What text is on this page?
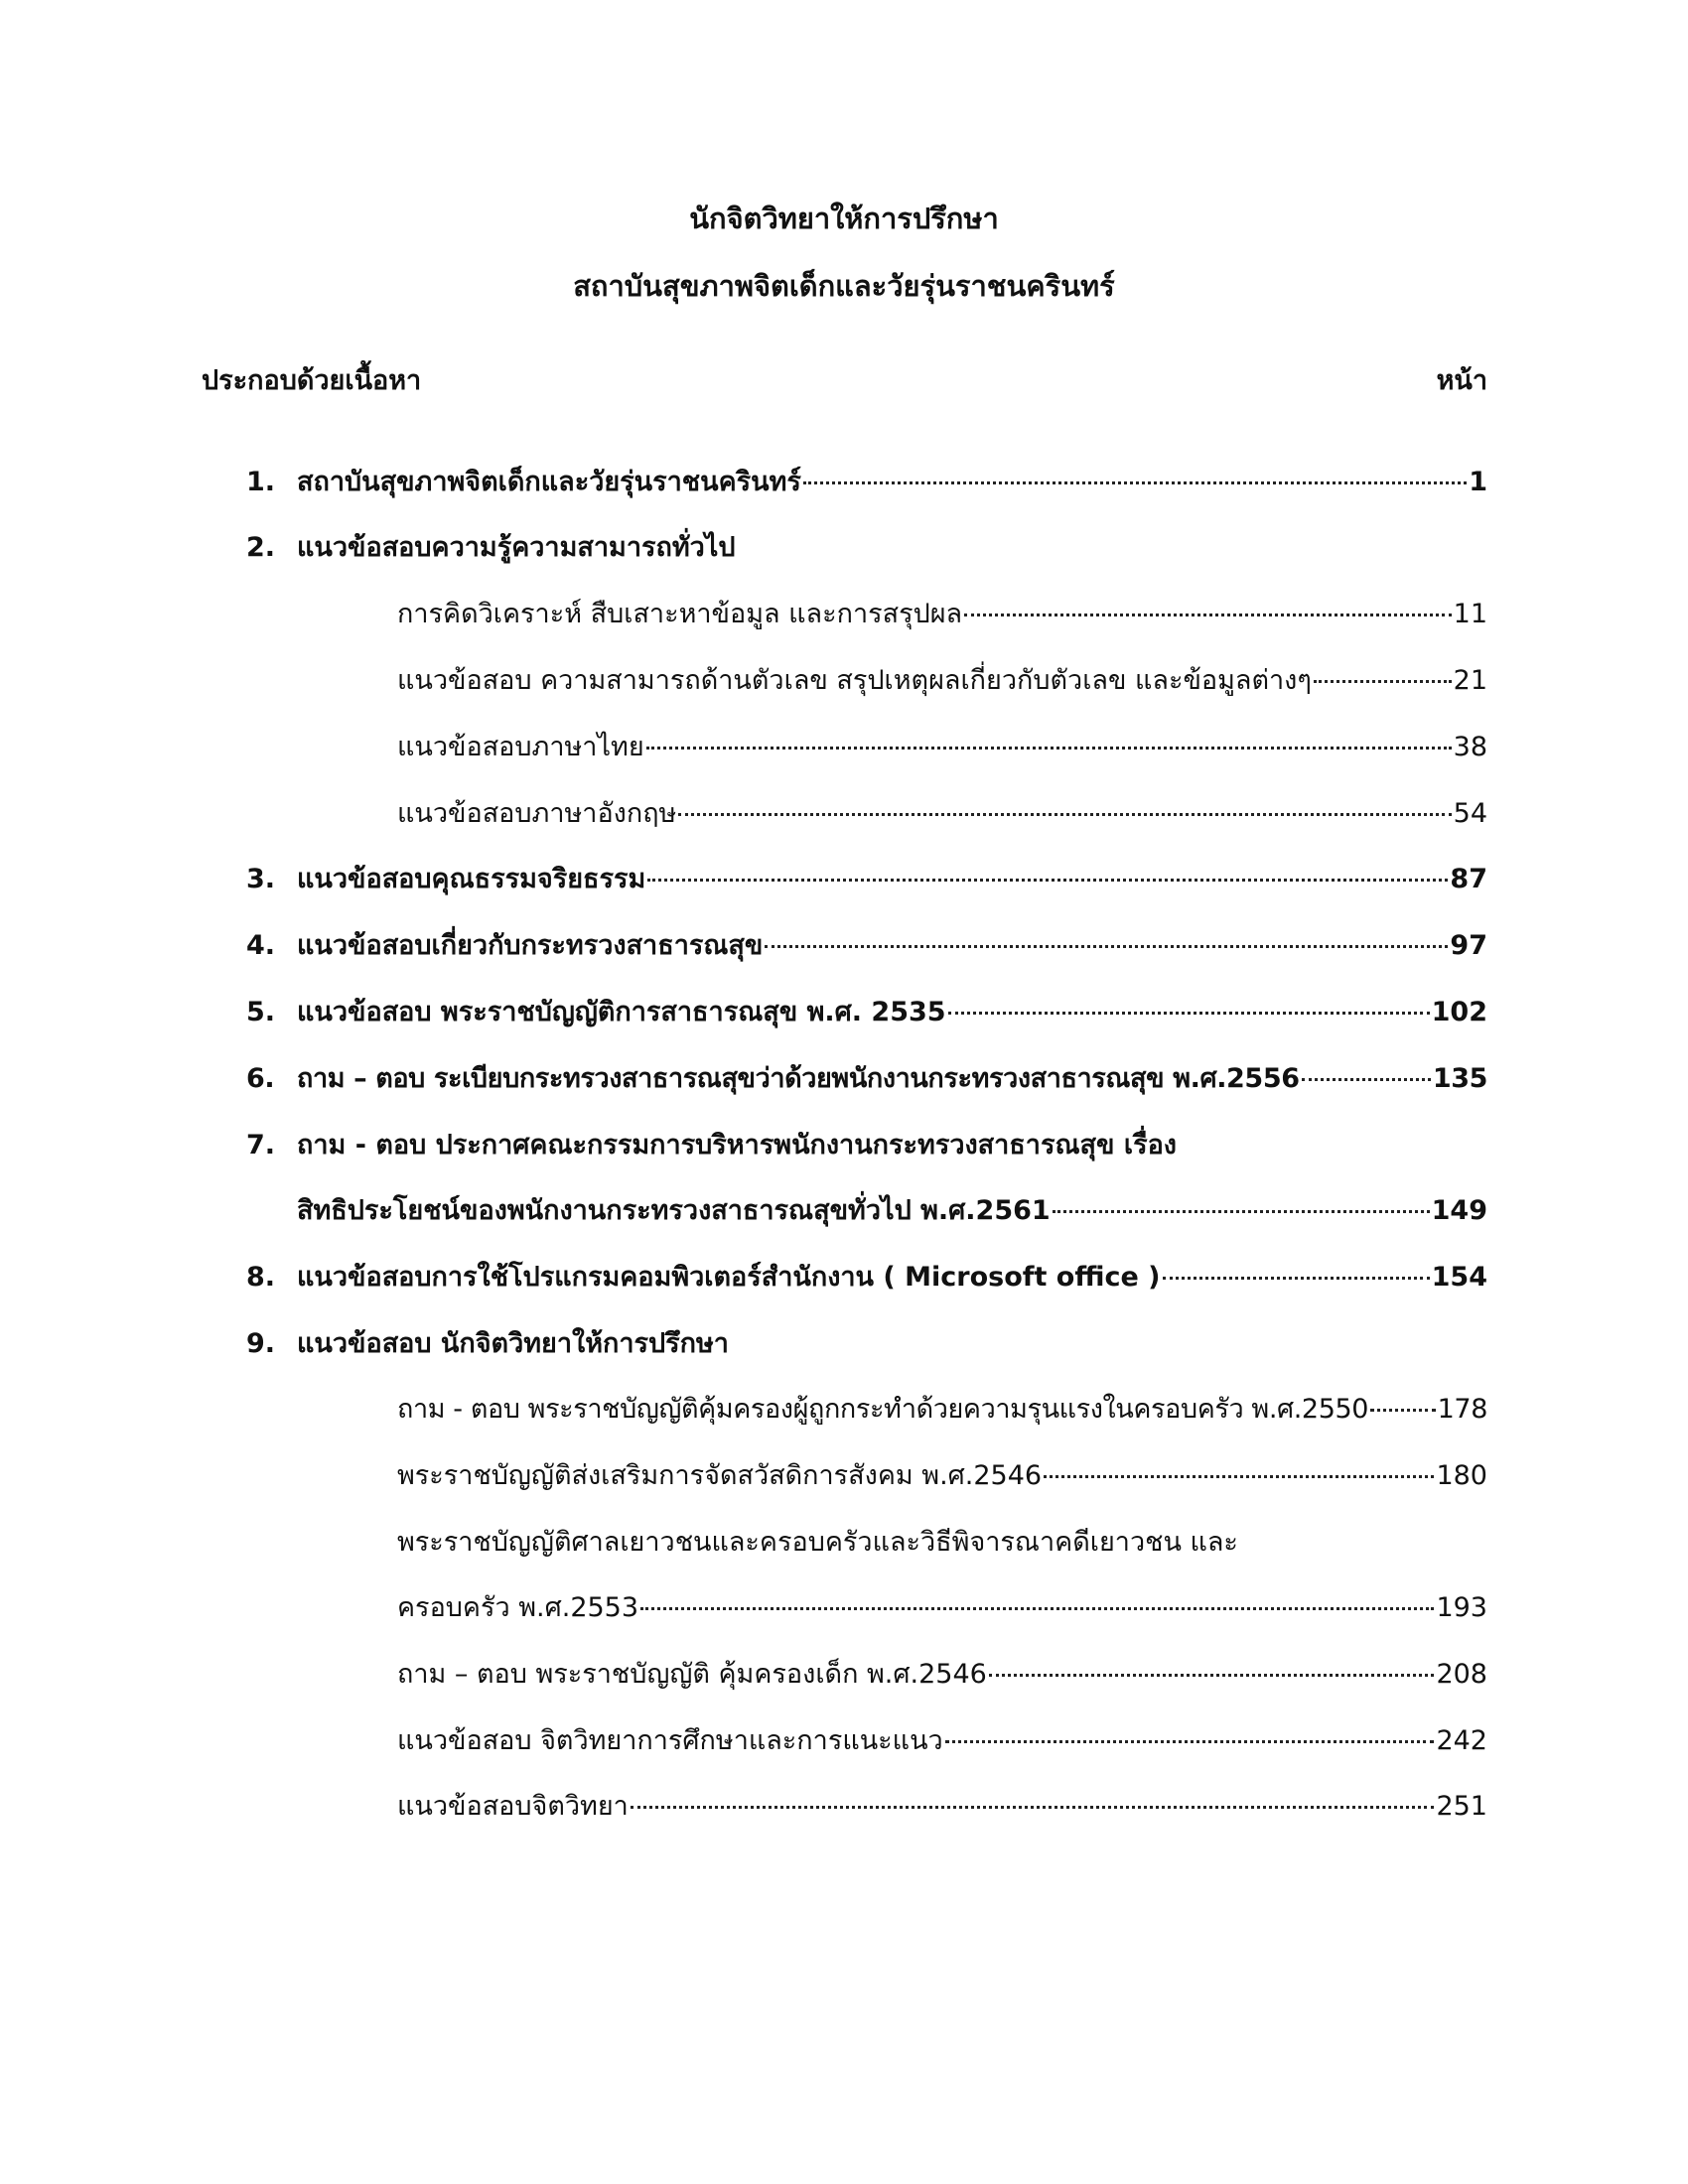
นักจิตวิทยาให้การปรึกษา
สถาบันสุขภาพจิตเด็กและวัยรุ่นราชนครินทร์
ประกอบด้วยเนื้อหา	หน้า
1. สถาบันสุขภาพจิตเด็กและวัยรุ่นราชนครินทร์	1
2. แนวข้อสอบความรู้ความสามารถทั่วไป
การคิดวิเคราะห์ สืบเสาะหาข้อมูล และการสรุปผล	11
แนวข้อสอบ ความสามารถด้านตัวเลข สรุปเหตุผลเกี่ยวกับตัวเลข และข้อมูลต่างๆ	21
แนวข้อสอบภาษาไทย	38
แนวข้อสอบภาษาอังกฤษ	54
3. แนวข้อสอบคุณธรรมจริยธรรม	87
4. แนวข้อสอบเกี่ยวกับกระทรวงสาธารณสุข	97
5. แนวข้อสอบ พระราชบัญญัติการสาธารณสุข พ.ศ. 2535	102
6. ถาม – ตอบ ระเบียบกระทรวงสาธารณสุขว่าด้วยพนักงานกระทรวงสาธารณสุข พ.ศ.2556	135
7. ถาม - ตอบ ประกาศคณะกรรมการบริหารพนักงานกระทรวงสาธารณสุข เรื่อง
สิทธิประโยชน์ของพนักงานกระทรวงสาธารณสุขทั่วไป พ.ศ.2561	149
8. แนวข้อสอบการใช้โปรแกรมคอมพิวเตอร์สำนักงาน ( Microsoft office )	154
9. แนวข้อสอบ นักจิตวิทยาให้การปรึกษา
ถาม - ตอบ พระราชบัญญัติคุ้มครองผู้ถูกกระทำด้วยความรุนแรงในครอบครัว พ.ศ.2550	178
พระราชบัญญัติส่งเสริมการจัดสวัสดิการสังคม พ.ศ.2546	180
พระราชบัญญัติศาลเยาวชนและครอบครัวและวิธีพิจารณาคดีเยาวชน และ
ครอบครัว พ.ศ.2553	193
ถาม – ตอบ พระราชบัญญัติ คุ้มครองเด็ก พ.ศ.2546	208
แนวข้อสอบ จิตวิทยาการศึกษาและการแนะแนว	242
แนวข้อสอบจิตวิทยา	251
